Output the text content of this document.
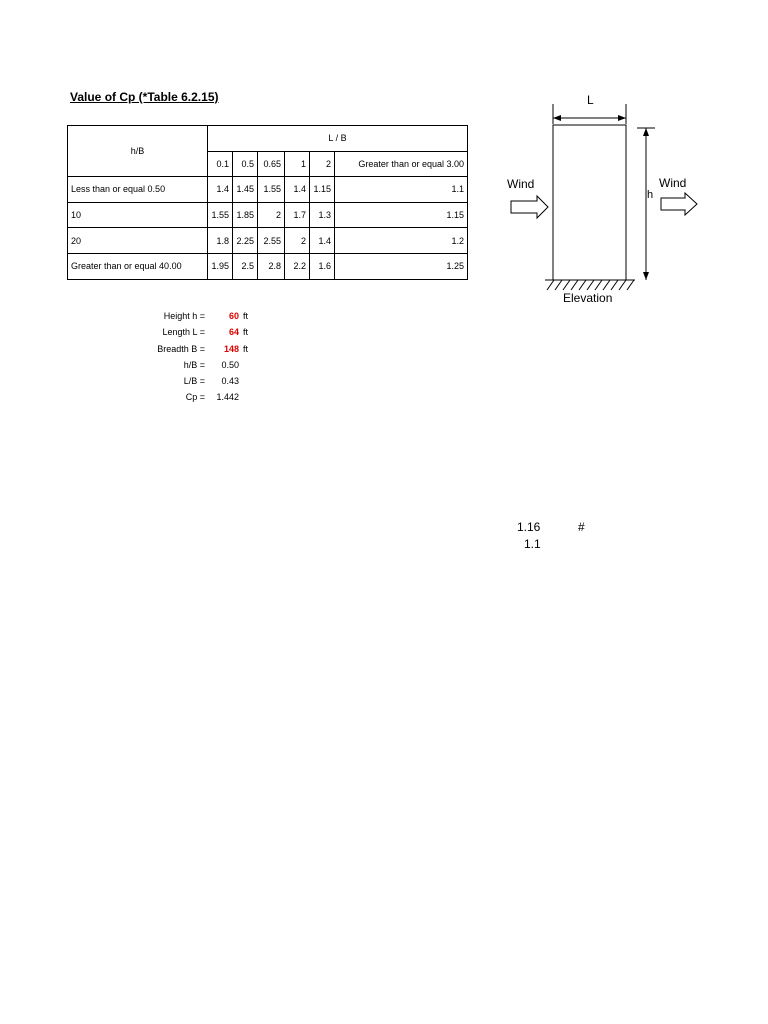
Value of Cp (*Table 6.2.15)
h/B	L / B					
	0.1	0.5	0.65	1	2	Greater than or equal 3.00
Less than or equal 0.50	1.4	1.45	1.55	1.4	1.15	1.1
10	1.55	1.85	2	1.7	1.3	1.15
20	1.8	2.25	2.55	2	1.4	1.2
Greater than or equal 40.00	1.95	2.5	2.8	2.2	1.6	1.25
Height h =	60 ft
Length L =	64 ft
Breadth B =	148 ft
h/B =	0.50
L/B =	0.43
Cp =	1.442
1.16	#
1.1
L
h
Elevation
Wind	Wind
